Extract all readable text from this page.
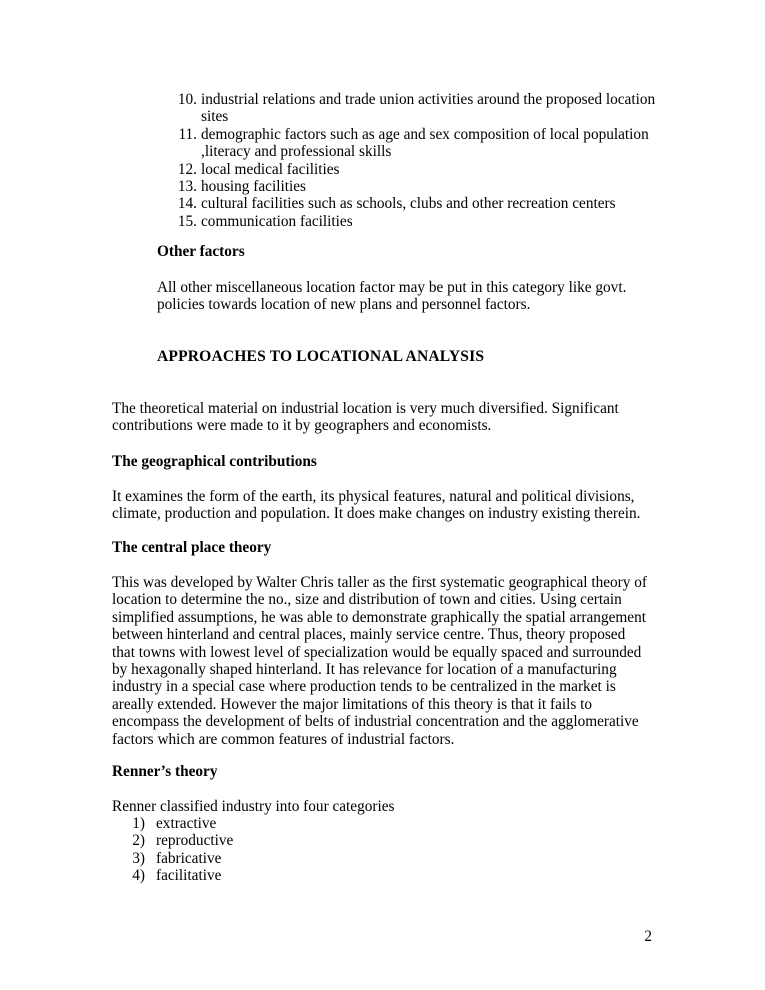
10. industrial relations and trade union activities around the proposed location sites
11. demographic factors such as age and sex composition of local population ,literacy and professional skills
12. local medical facilities
13. housing facilities
14. cultural facilities such as schools, clubs and other recreation centers
15. communication facilities
Other factors

All other miscellaneous location factor may be put in this category like govt. policies towards location of new plans and personnel factors.

APPROACHES TO LOCATIONAL ANALYSIS

The theoretical material on industrial location is very much diversified. Significant contributions were made to it by geographers and economists.

The geographical contributions

It examines the form of the earth, its physical features, natural and political divisions, climate, production and population. It does make changes on industry existing therein.

The central place theory

This was developed by Walter Chris taller as the first systematic geographical theory of location to determine the no., size and distribution of town and cities. Using certain simplified assumptions, he was able to demonstrate graphically the spatial arrangement between hinterland and central places, mainly service centre. Thus, theory proposed that towns with lowest level of specialization would be equally spaced and surrounded by hexagonally shaped hinterland. It has relevance for location of a manufacturing industry in a special case where production tends to be centralized in the market is areally extended. However the major limitations of this theory is that it fails to encompass the development of belts of industrial concentration and the agglomerative factors which are common features of industrial factors.

Renner’s theory

Renner classified industry into four categories

1) extractive
2) reproductive
3) fabricative
4) facilitative
2
